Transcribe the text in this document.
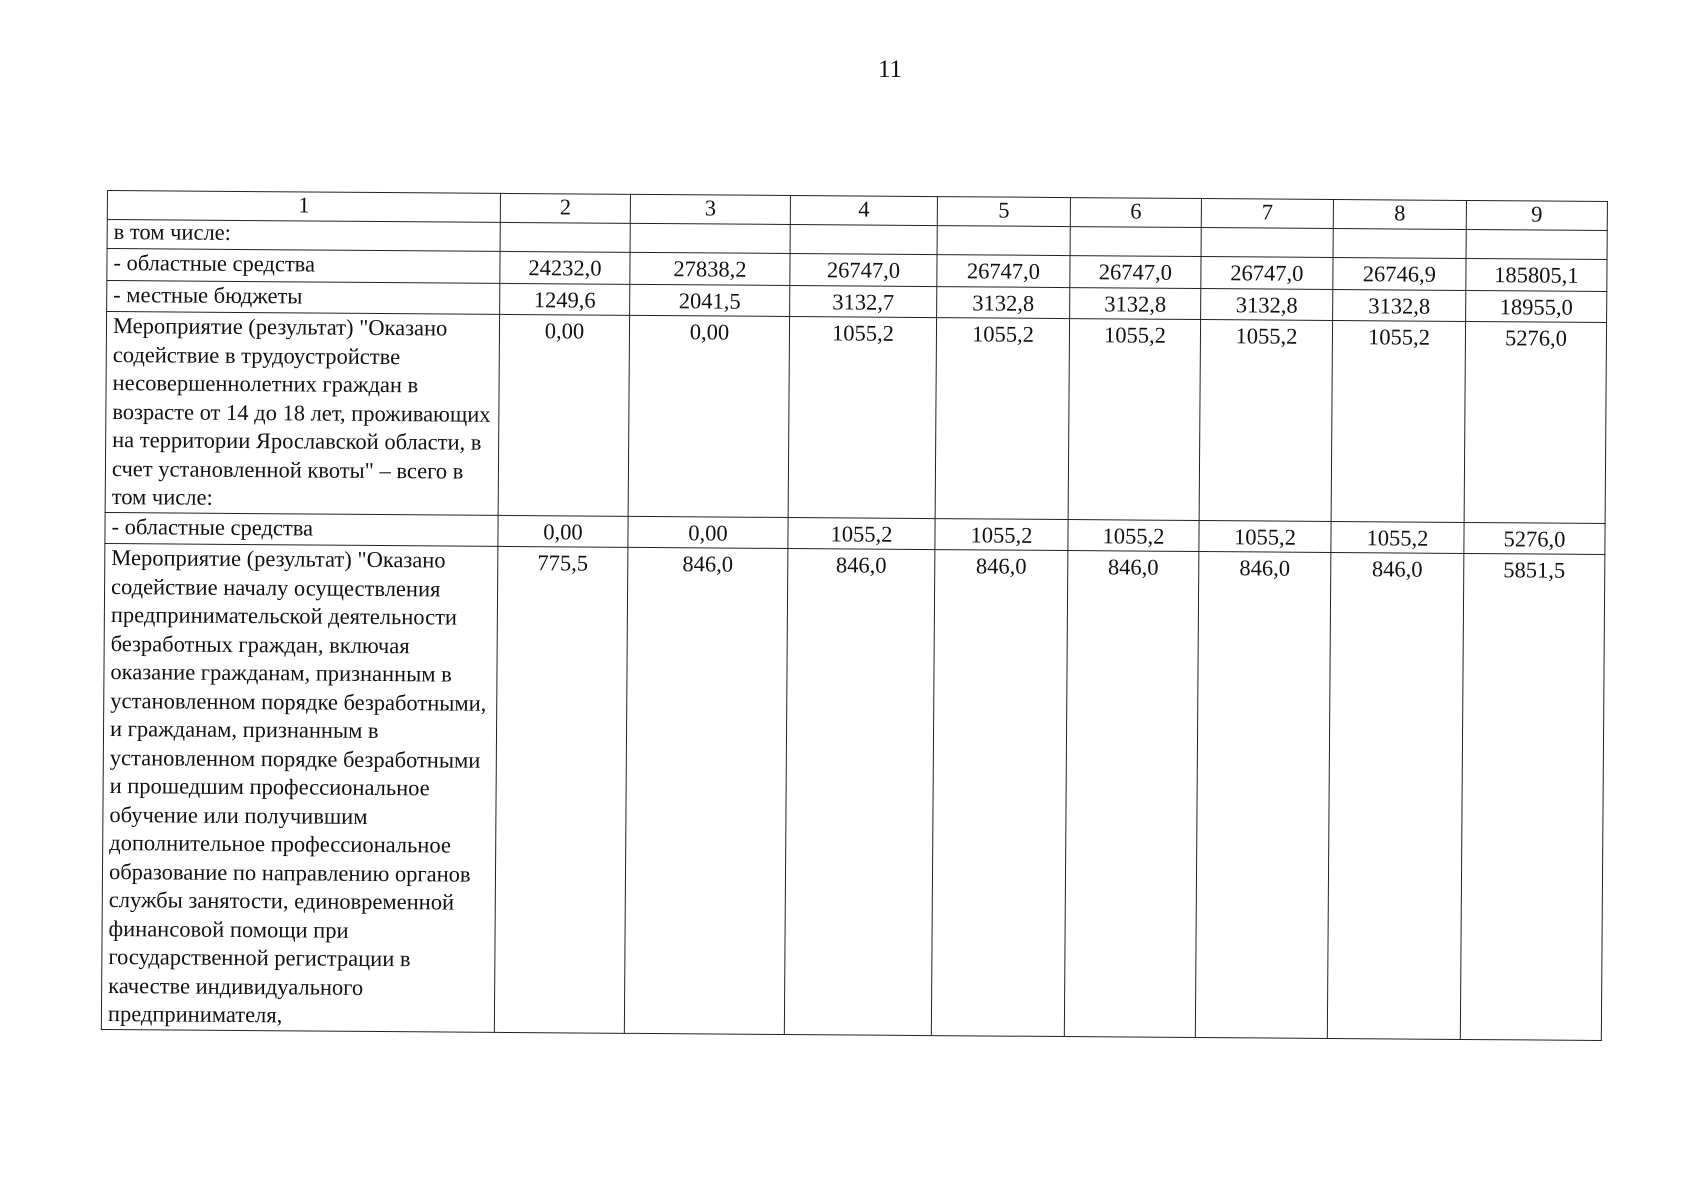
11
1	2	3	4	5	6	7	8	9
в том числе:								
- областные средства	24232,0	27838,2	26747,0	26747,0	26747,0	26747,0	26746,9	185805,1
- местные бюджеты	1249,6	2041,5	3132,7	3132,8	3132,8	3132,8	3132,8	18955,0
Мероприятие (результат) "Оказано содействие в трудоустройстве несовершеннолетних граждан в возрасте от 14 до 18 лет, проживающих на территории Ярославской области, в счет установленной квоты" – всего в том числе:	0,00	0,00	1055,2	1055,2	1055,2	1055,2	1055,2	5276,0
- областные средства	0,00	0,00	1055,2	1055,2	1055,2	1055,2	1055,2	5276,0
Мероприятие (результат) "Оказано содействие началу осуществления предпринимательской деятельности безработных граждан, включая оказание гражданам, признанным в установленном порядке безработными, и гражданам, признанным в установленном порядке безработными и прошедшим профессиональное обучение или получившим дополнительное профессиональное образование по направлению органов службы занятости, единовременной финансовой помощи при государственной регистрации в качестве индивидуального предпринимателя,	775,5	846,0	846,0	846,0	846,0	846,0	846,0	5851,5
